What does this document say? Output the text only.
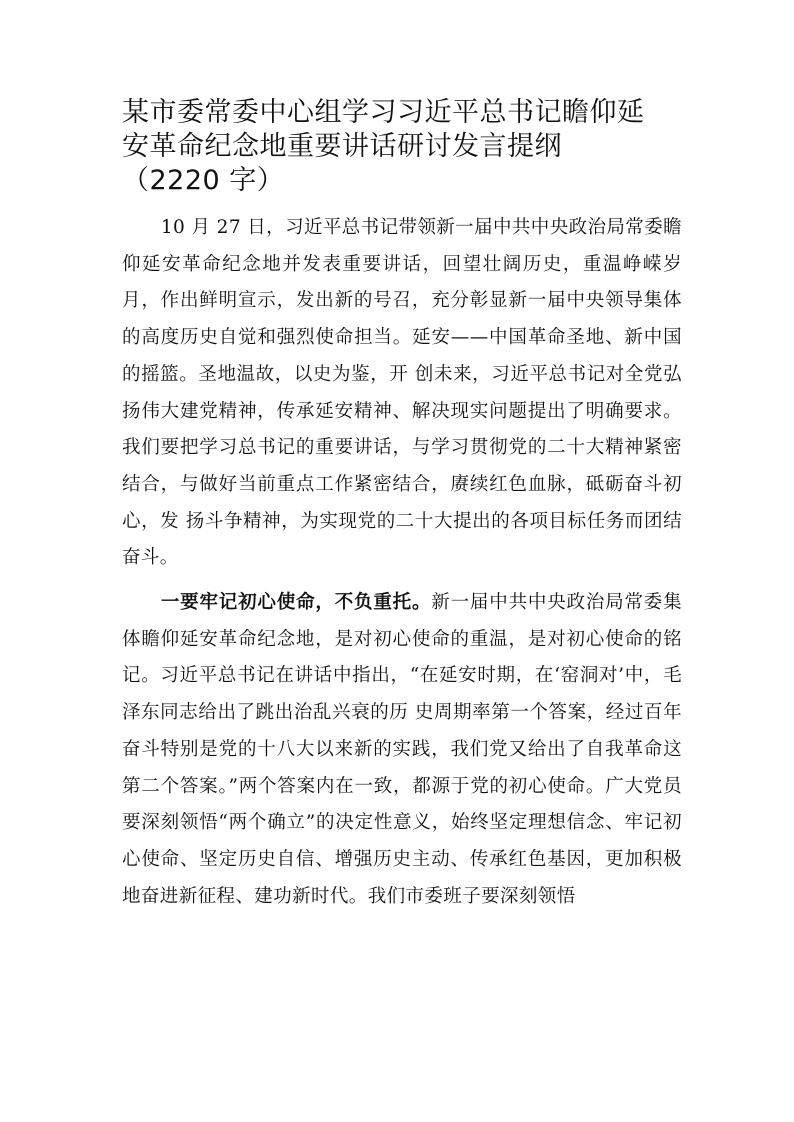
某市委常委中心组学习习近平总书记瞻仰延
安革命纪念地重要讲话研讨发言提纲
（2220 字）

10 月 27 日，习近平总书记带领新一届中共中央政治局常委瞻仰延安革命纪念地并发表重要讲话，回望壮阔历史，重温峥嵘岁月，作出鲜明宣示，发出新的号召，充分彰显新一届中央领导集体的高度历史自觉和强烈使命担当。延安——中国革命圣地、新中国的摇篮。圣地温故，以史为鉴，开 创未来，习近平总书记对全党弘扬伟大建党精神，传承延安精神、解决现实问题提出了明确要求。我们要把学习总书记的重要讲话，与学习贯彻党的二十大精神紧密结合，与做好当前重点工作紧密结合，赓续红色血脉，砥砺奋斗初心，发 扬斗争精神，为实现党的二十大提出的各项目标任务而团结奋斗。

一要牢记初心使命，不负重托。新一届中共中央政治局常委集体瞻仰延安革命纪念地，是对初心使命的重温，是对初心使命的铭记。习近平总书记在讲话中指出，“在延安时期，在‘窑洞对’中，毛泽东同志给出了跳出治乱兴衰的历 史周期率第一个答案，经过百年奋斗特别是党的十八大以来新的实践，我们党又给出了自我革命这第二个答案。”两个答案内在一致，都源于党的初心使命。广大党员要深刻领悟“两个确立”的决定性意义，始终坚定理想信念、牢记初心使命、坚定历史自信、增强历史主动、传承红色基因，更加积极地奋进新征程、建功新时代。我们市委班子要深刻领悟
